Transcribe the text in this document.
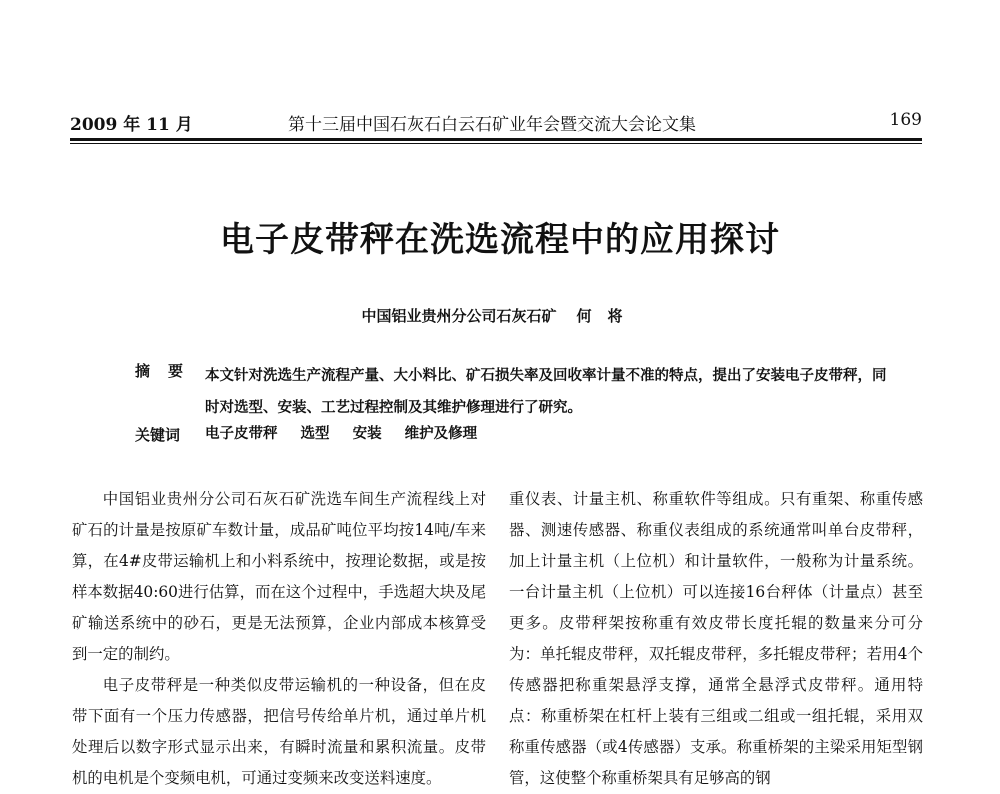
2009 年 11 月	第十三届中国石灰石白云石矿业年会暨交流大会论文集	169
电子皮带秤在洗选流程中的应用探讨
中国铝业贵州分公司石灰石矿 何将
摘要 本文针对洗选生产流程产量、大小料比、矿石损失率及回收率计量不准的特点，提出了安装电子皮带秤，同时对选型、安装、工艺过程控制及其维护修理进行了研究。
关键词	电子皮带秤 选型 安装 维护及修理

中国铝业贵州分公司石灰石矿洗选车间生产流程线上对矿石的计量是按原矿车数计量，成品矿吨位平均按14吨/车来算，在4#皮带运输机上和小料系统中，按理论数据，或是按样本数据40:60进行估算，而在这个过程中，手选超大块及尾矿输送系统中的砂石，更是无法预算，企业内部成本核算受到一定的制约。

电子皮带秤是一种类似皮带运输机的一种设备，但在皮带下面有一个压力传感器，把信号传给单片机，通过单片机处理后以数字形式显示出来，有瞬时流量和累积流量。皮带机的电机是个变频电机，可通过变频来改变送料速度。

重仪表、计量主机、称重软件等组成。只有重架、称重传感器、测速传感器、称重仪表组成的系统通常叫单台皮带秤，加上计量主机（上位机）和计量软件，一般称为计量系统。一台计量主机（上位机）可以连接16台秤体（计量点）甚至更多。皮带秤架按称重有效皮带长度托辊的数量来分可分为：单托辊皮带秤，双托辊皮带秤，多托辊皮带秤；若用4个传感器把称重架悬浮支撑，通常全悬浮式皮带秤。通用特点：称重桥架在杠杆上装有三组或二组或一组托辊，采用双称重传感器（或4传感器）支承。称重桥架的主梁采用矩型钢管，这使整个称重桥架具有足够高的钢
